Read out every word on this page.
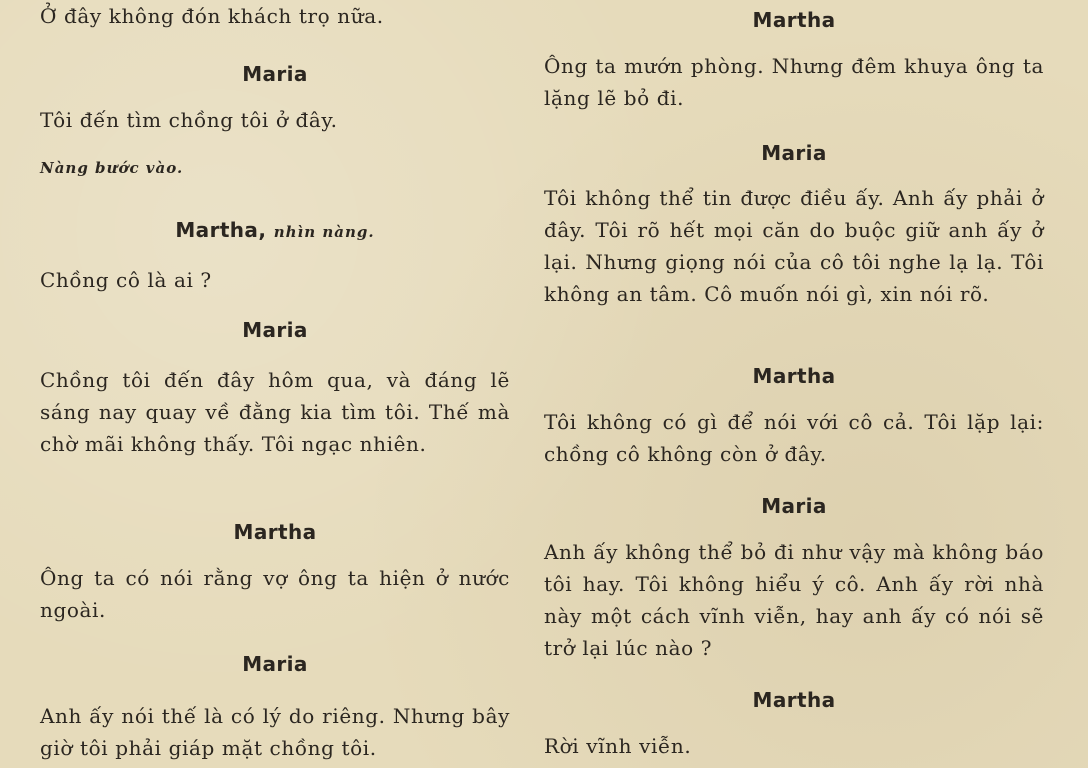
Ở đây không đón khách trọ nữa.
Maria
Tôi đến tìm chồng tôi ở đây.
Nàng bước vào.
Martha, nhìn nàng.
Chồng cô là ai ?
Maria
Chồng tôi đến đây hôm qua, và đáng lẽ sáng nay quay về đằng kia tìm tôi. Thế mà chờ mãi không thấy. Tôi ngạc nhiên.
Martha
Ông ta có nói rằng vợ ông ta hiện ở nước ngoài.
Maria
Anh ấy nói thế là có lý do riêng. Nhưng bây giờ tôi phải giáp mặt chồng tôi.
Martha
Ông ta mướn phòng. Nhưng đêm khuya ông ta lặng lẽ bỏ đi.
Maria
Tôi không thể tin được điều ấy. Anh ấy phải ở đây. Tôi rõ hết mọi căn do buộc giữ anh ấy ở lại. Nhưng giọng nói của cô tôi nghe lạ lạ. Tôi không an tâm. Cô muốn nói gì, xin nói rõ.
Martha
Tôi không có gì để nói với cô cả. Tôi lặp lại: chồng cô không còn ở đây.
Maria
Anh ấy không thể bỏ đi như vậy mà không báo tôi hay. Tôi không hiểu ý cô. Anh ấy rời nhà này một cách vĩnh viễn, hay anh ấy có nói sẽ trở lại lúc nào ?
Martha
Rời vĩnh viễn.
